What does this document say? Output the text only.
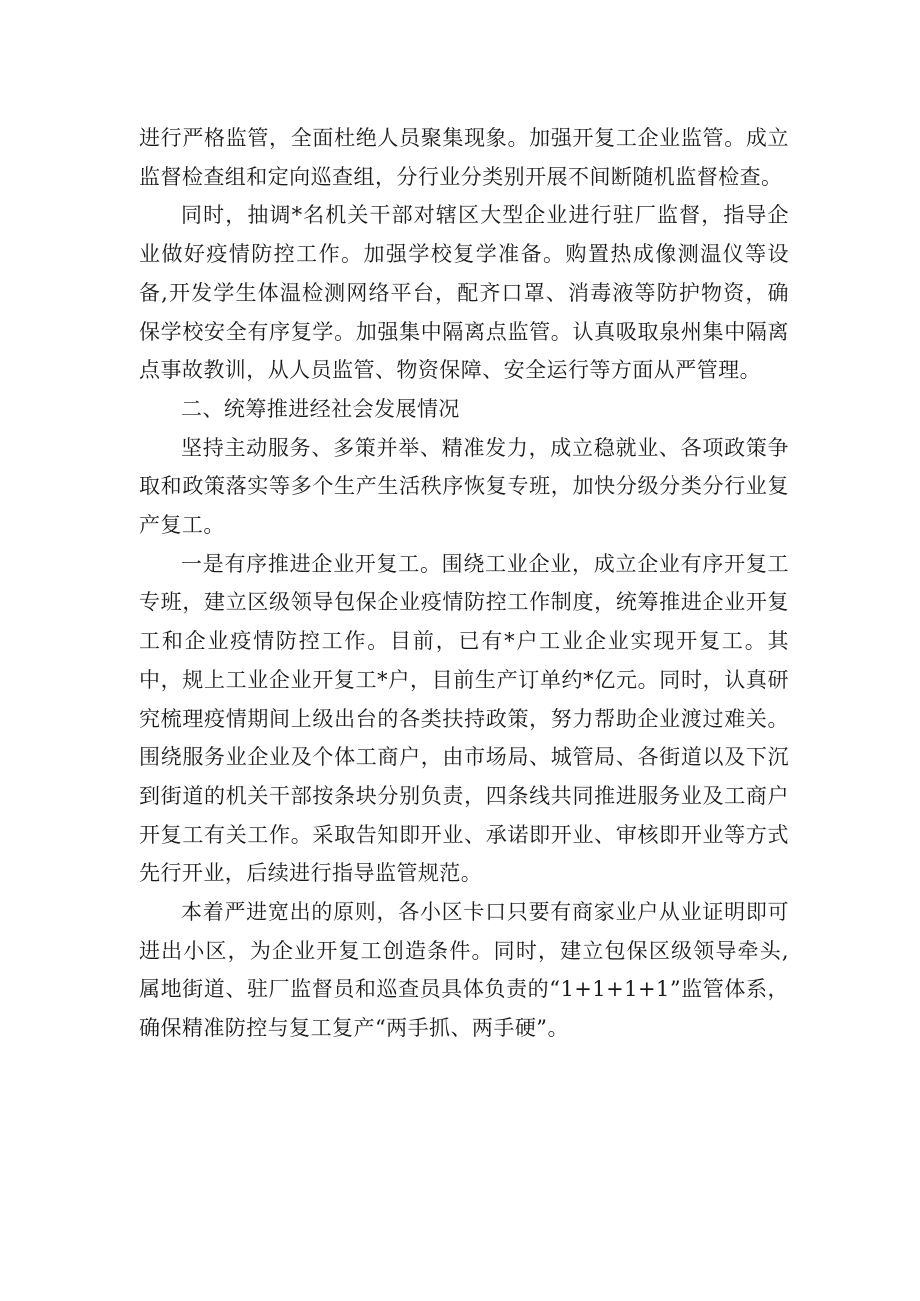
进行严格监管，全面杜绝人员聚集现象。加强开复工企业监管。成立监督检查组和定向巡查组，分行业分类别开展不间断随机监督检查。

同时，抽调*名机关干部对辖区大型企业进行驻厂监督，指导企业做好疫情防控工作。加强学校复学准备。购置热成像测温仪等设备,开发学生体温检测网络平台，配齐口罩、消毒液等防护物资，确保学校安全有序复学。加强集中隔离点监管。认真吸取泉州集中隔离点事故教训，从人员监管、物资保障、安全运行等方面从严管理。

二、统筹推进经社会发展情况

坚持主动服务、多策并举、精准发力，成立稳就业、各项政策争取和政策落实等多个生产生活秩序恢复专班，加快分级分类分行业复产复工。

一是有序推进企业开复工。围绕工业企业，成立企业有序开复工专班，建立区级领导包保企业疫情防控工作制度，统筹推进企业开复工和企业疫情防控工作。目前，已有*户工业企业实现开复工。其中，规上工业企业开复工*户，目前生产订单约*亿元。同时，认真研究梳理疫情期间上级出台的各类扶持政策，努力帮助企业渡过难关。围绕服务业企业及个体工商户，由市场局、城管局、各街道以及下沉到街道的机关干部按条块分别负责，四条线共同推进服务业及工商户开复工有关工作。采取告知即开业、承诺即开业、审核即开业等方式先行开业，后续进行指导监管规范。

本着严进宽出的原则，各小区卡口只要有商家业户从业证明即可进出小区，为企业开复工创造条件。同时，建立包保区级领导牵头,属地街道、驻厂监督员和巡查员具体负责的“1+1+1+1”监管体系，确保精准防控与复工复产“两手抓、两手硬”。
